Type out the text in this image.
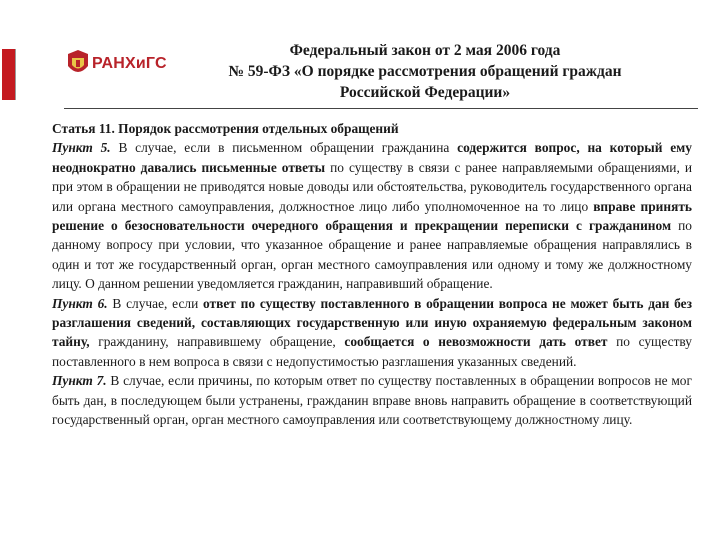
РАНХиГС
Федеральный закон от 2 мая 2006 года
№ 59-ФЗ «О порядке рассмотрения обращений граждан
Российской Федерации»

Статья 11. Порядок рассмотрения отдельных обращений

Пункт 5. В случае, если в письменном обращении гражданина содержится вопрос, на который ему неоднократно давались письменные ответы по существу в связи с ранее направляемыми обращениями, и при этом в обращении не приводятся новые доводы или обстоятельства, руководитель государственного органа или органа местного самоуправления, должностное лицо либо уполномоченное на то лицо вправе принять решение о безосновательности очередного обращения и прекращении переписки с гражданином по данному вопросу при условии, что указанное обращение и ранее направляемые обращения направлялись в один и тот же государственный орган, орган местного самоуправления или одному и тому же должностному лицу. О данном решении уведомляется гражданин, направивший обращение.

Пункт 6. В случае, если ответ по существу поставленного в обращении вопроса не может быть дан без разглашения сведений, составляющих государственную или иную охраняемую федеральным законом тайну, гражданину, направившему обращение, сообщается о невозможности дать ответ по существу поставленного в нем вопроса в связи с недопустимостью разглашения указанных сведений.

Пункт 7. В случае, если причины, по которым ответ по существу поставленных в обращении вопросов не мог быть дан, в последующем были устранены, гражданин вправе вновь направить обращение в соответствующий государственный орган, орган местного самоуправления или соответствующему должностному лицу.
